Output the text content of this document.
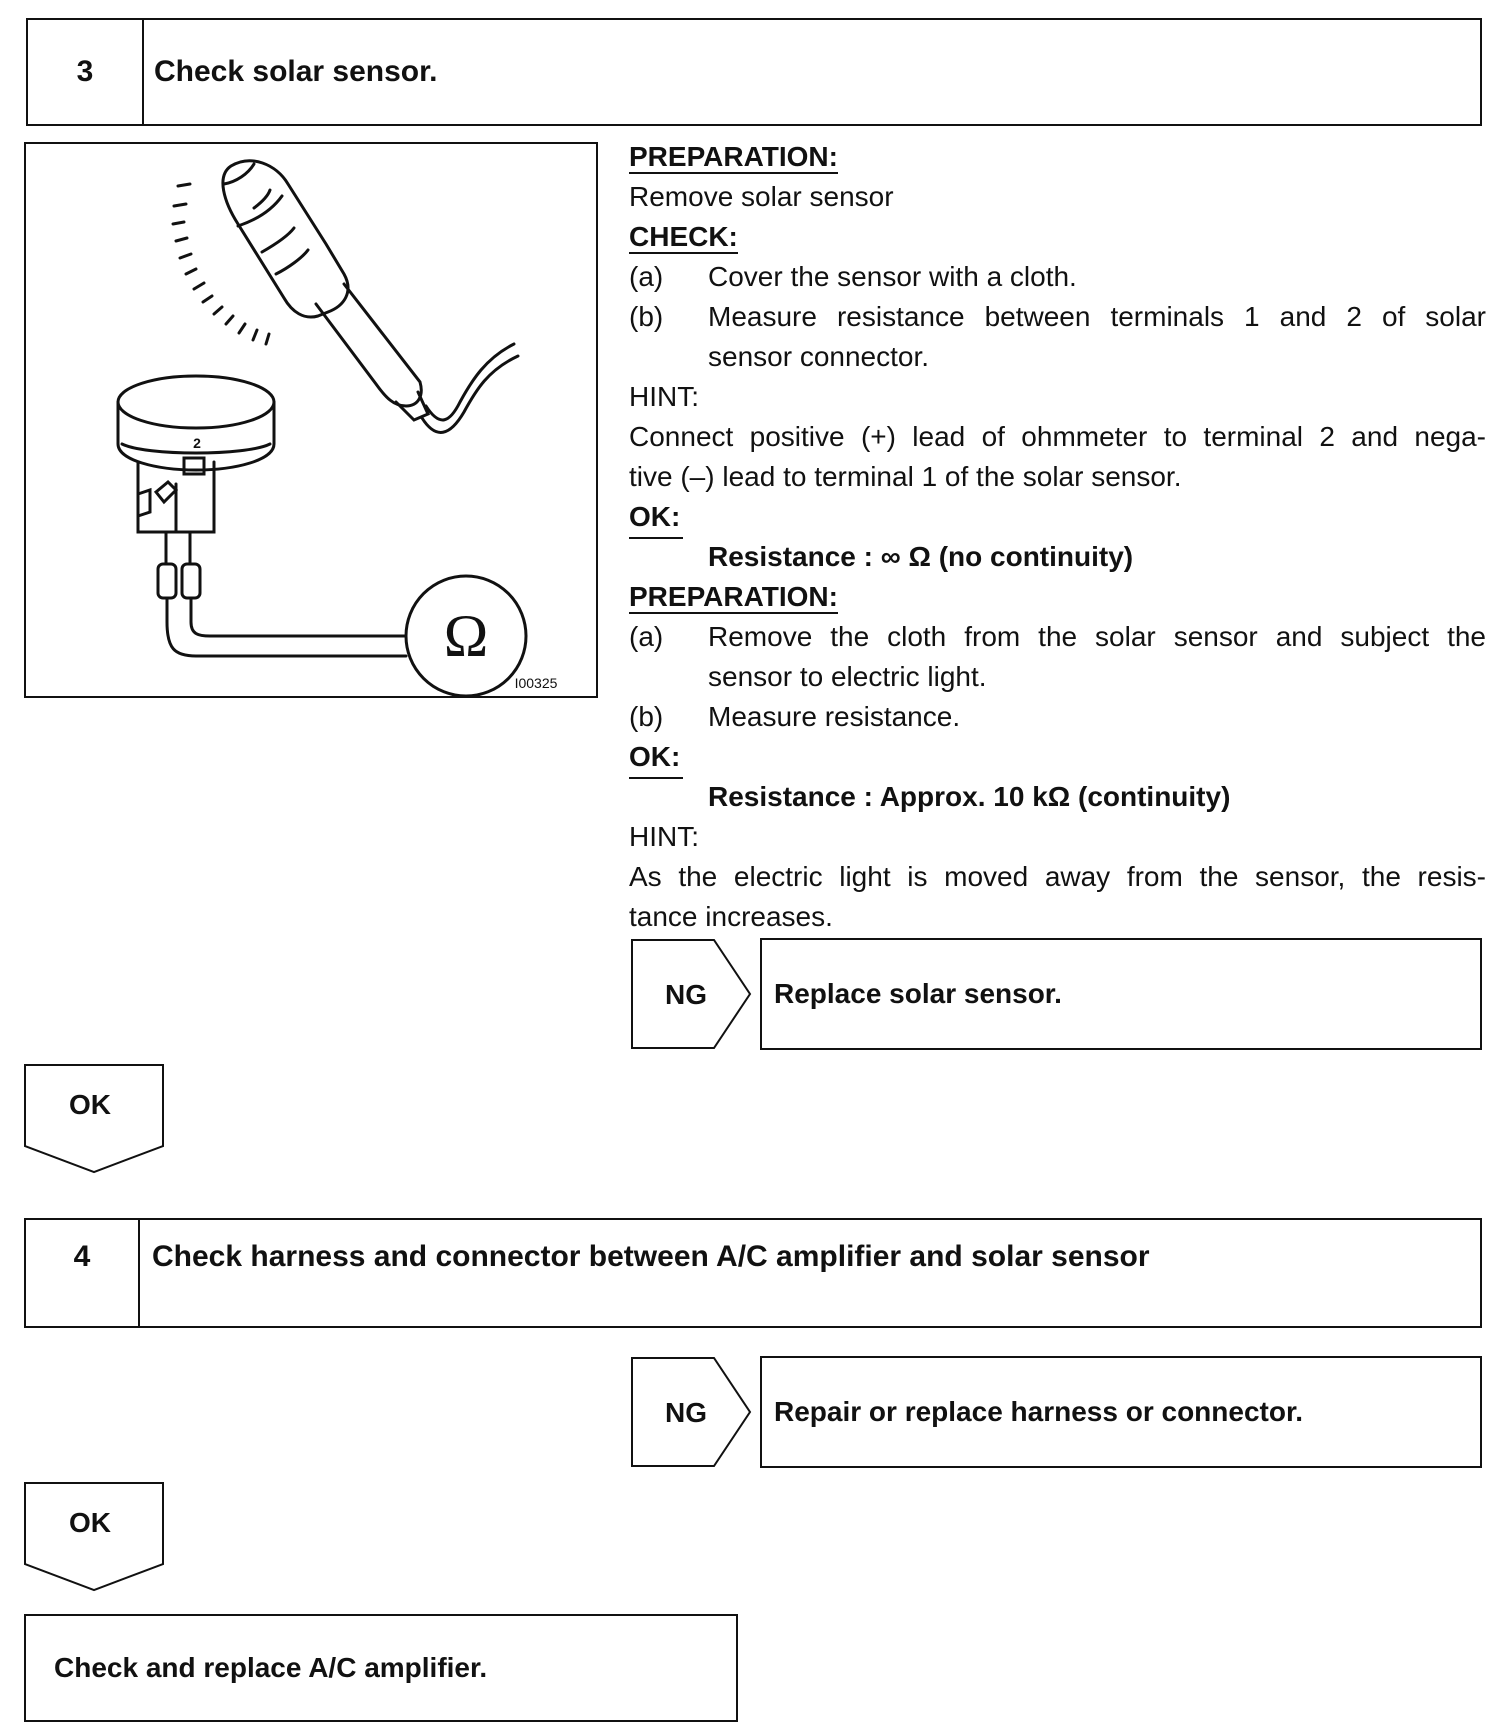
3	Check solar sensor.
Ω
2
I00325
PREPARATION:
Remove solar sensor
CHECK:
(a) Cover the sensor with a cloth.
(b) Measure resistance between terminals 1 and 2 of solar
sensor connector.
HINT:
Connect positive (+) lead of ohmmeter to terminal 2 and nega-
tive (–) lead to terminal 1 of the solar sensor.
OK:
Resistance : ∞ Ω (no continuity)
PREPARATION:
(a) Remove the cloth from the solar sensor and subject the
sensor to electric light.
(b) Measure resistance.
OK:
Resistance : Approx. 10 kΩ (continuity)
HINT:
As the electric light is moved away from the sensor, the resis-
tance increases.
NG	Replace solar sensor.
OK
4	Check harness and connector between A/C amplifier and solar sensor
NG	Repair or replace harness or connector.
OK
Check and replace A/C amplifier.
